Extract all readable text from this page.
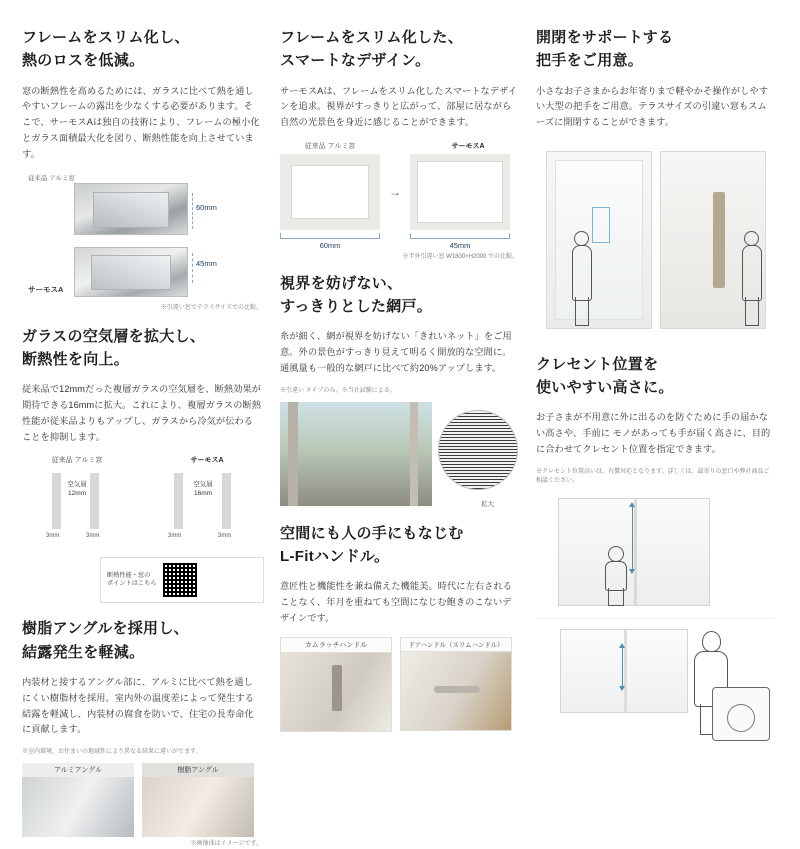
フレームをスリム化し、
熱のロスを低減。

窓の断熱性を高めるためには、ガラスに比べて熱を通しやすいフレームの露出を少なくする必要があります。そこで、サーモスAは独自の技術により、フレームの極小化とガラス面積最大化を図り、断熱性能を向上させています。

従来品 アルミ窓
60mm
45mm
サーモスA

※引違い窓でテラスサイズでの比較。

ガラスの空気層を拡大し、
断熱性を向上。

従来品で12mmだった複層ガラスの空気層を、断熱効果が期待できる16mmに拡大。これにより、複層ガラスの断熱性能が従来品よりもアップし、ガラスから冷気が伝わることを抑制します。

従来品 アルミ窓	サーモスA
空気層
12mm
3mm	3mm
空気層
16mm
3mm	3mm
断熱性能・窓の
ポイントはこちら
樹脂アングルを採用し、
結露発生を軽減。

内装材と接するアングル部に、アルミに比べて熱を通しにくい樹脂材を採用。室内外の温度差によって発生する結露を軽減し、内装材の腐食を防いで、住宅の長寿命化に貢献します。

※室内環境、お住まいの地域性により異なる結果に違いがでます。

アルミアングル	樹脂アングル

※画像体はイメージです。

フレームをスリム化した、
スマートなデザイン。

サーモスAは、フレームをスリム化したスマートなデザインを追求。視界がすっきりと広がって、部屋に居ながら自然の光景色を身近に感じることができます。

従来品 アルミ窓	サーモスA
→
60mm	45mm

※半外引違い窓 W1800×H2000 での比較。

視界を妨げない、
すっきりとした網戸。

糸が細く、網が視界を妨げない「きれいネット」をご用意。外の景色がすっきり見えて明るく開放的な空間に。通風量も一般的な網戸に比べて約20%アップします。

※引違い タイプのみ。※当社試験による。

拡大
空間にも人の手にもなじむ
L-Fitハンドル。

意匠性と機能性を兼ね備えた機能美。時代に左右されることなく、年月を重ねても空間になじむ飽きのこないデザインです。

カムラッチハンドル	ドアハンドル（スリムハンドル）
開閉をサポートする
把手をご用意。

小さなお子さまからお年寄りまで軽やかそ操作がしやすい大型の把手をご用意。テラスサイズの引違い窓もスムーズに開閉することができます。

クレセント位置を
使いやすい高さに。

お子さまが不用意に外に出るのを防ぐために手の届かない高さや、手前に モノがあっても手が届く高さに、目的に合わせてクレセント位置を指定できます。

※クレセント位置高いは、有償対応となります。詳しくは、最寄りの窓口や弊社商品ご相談ください。
